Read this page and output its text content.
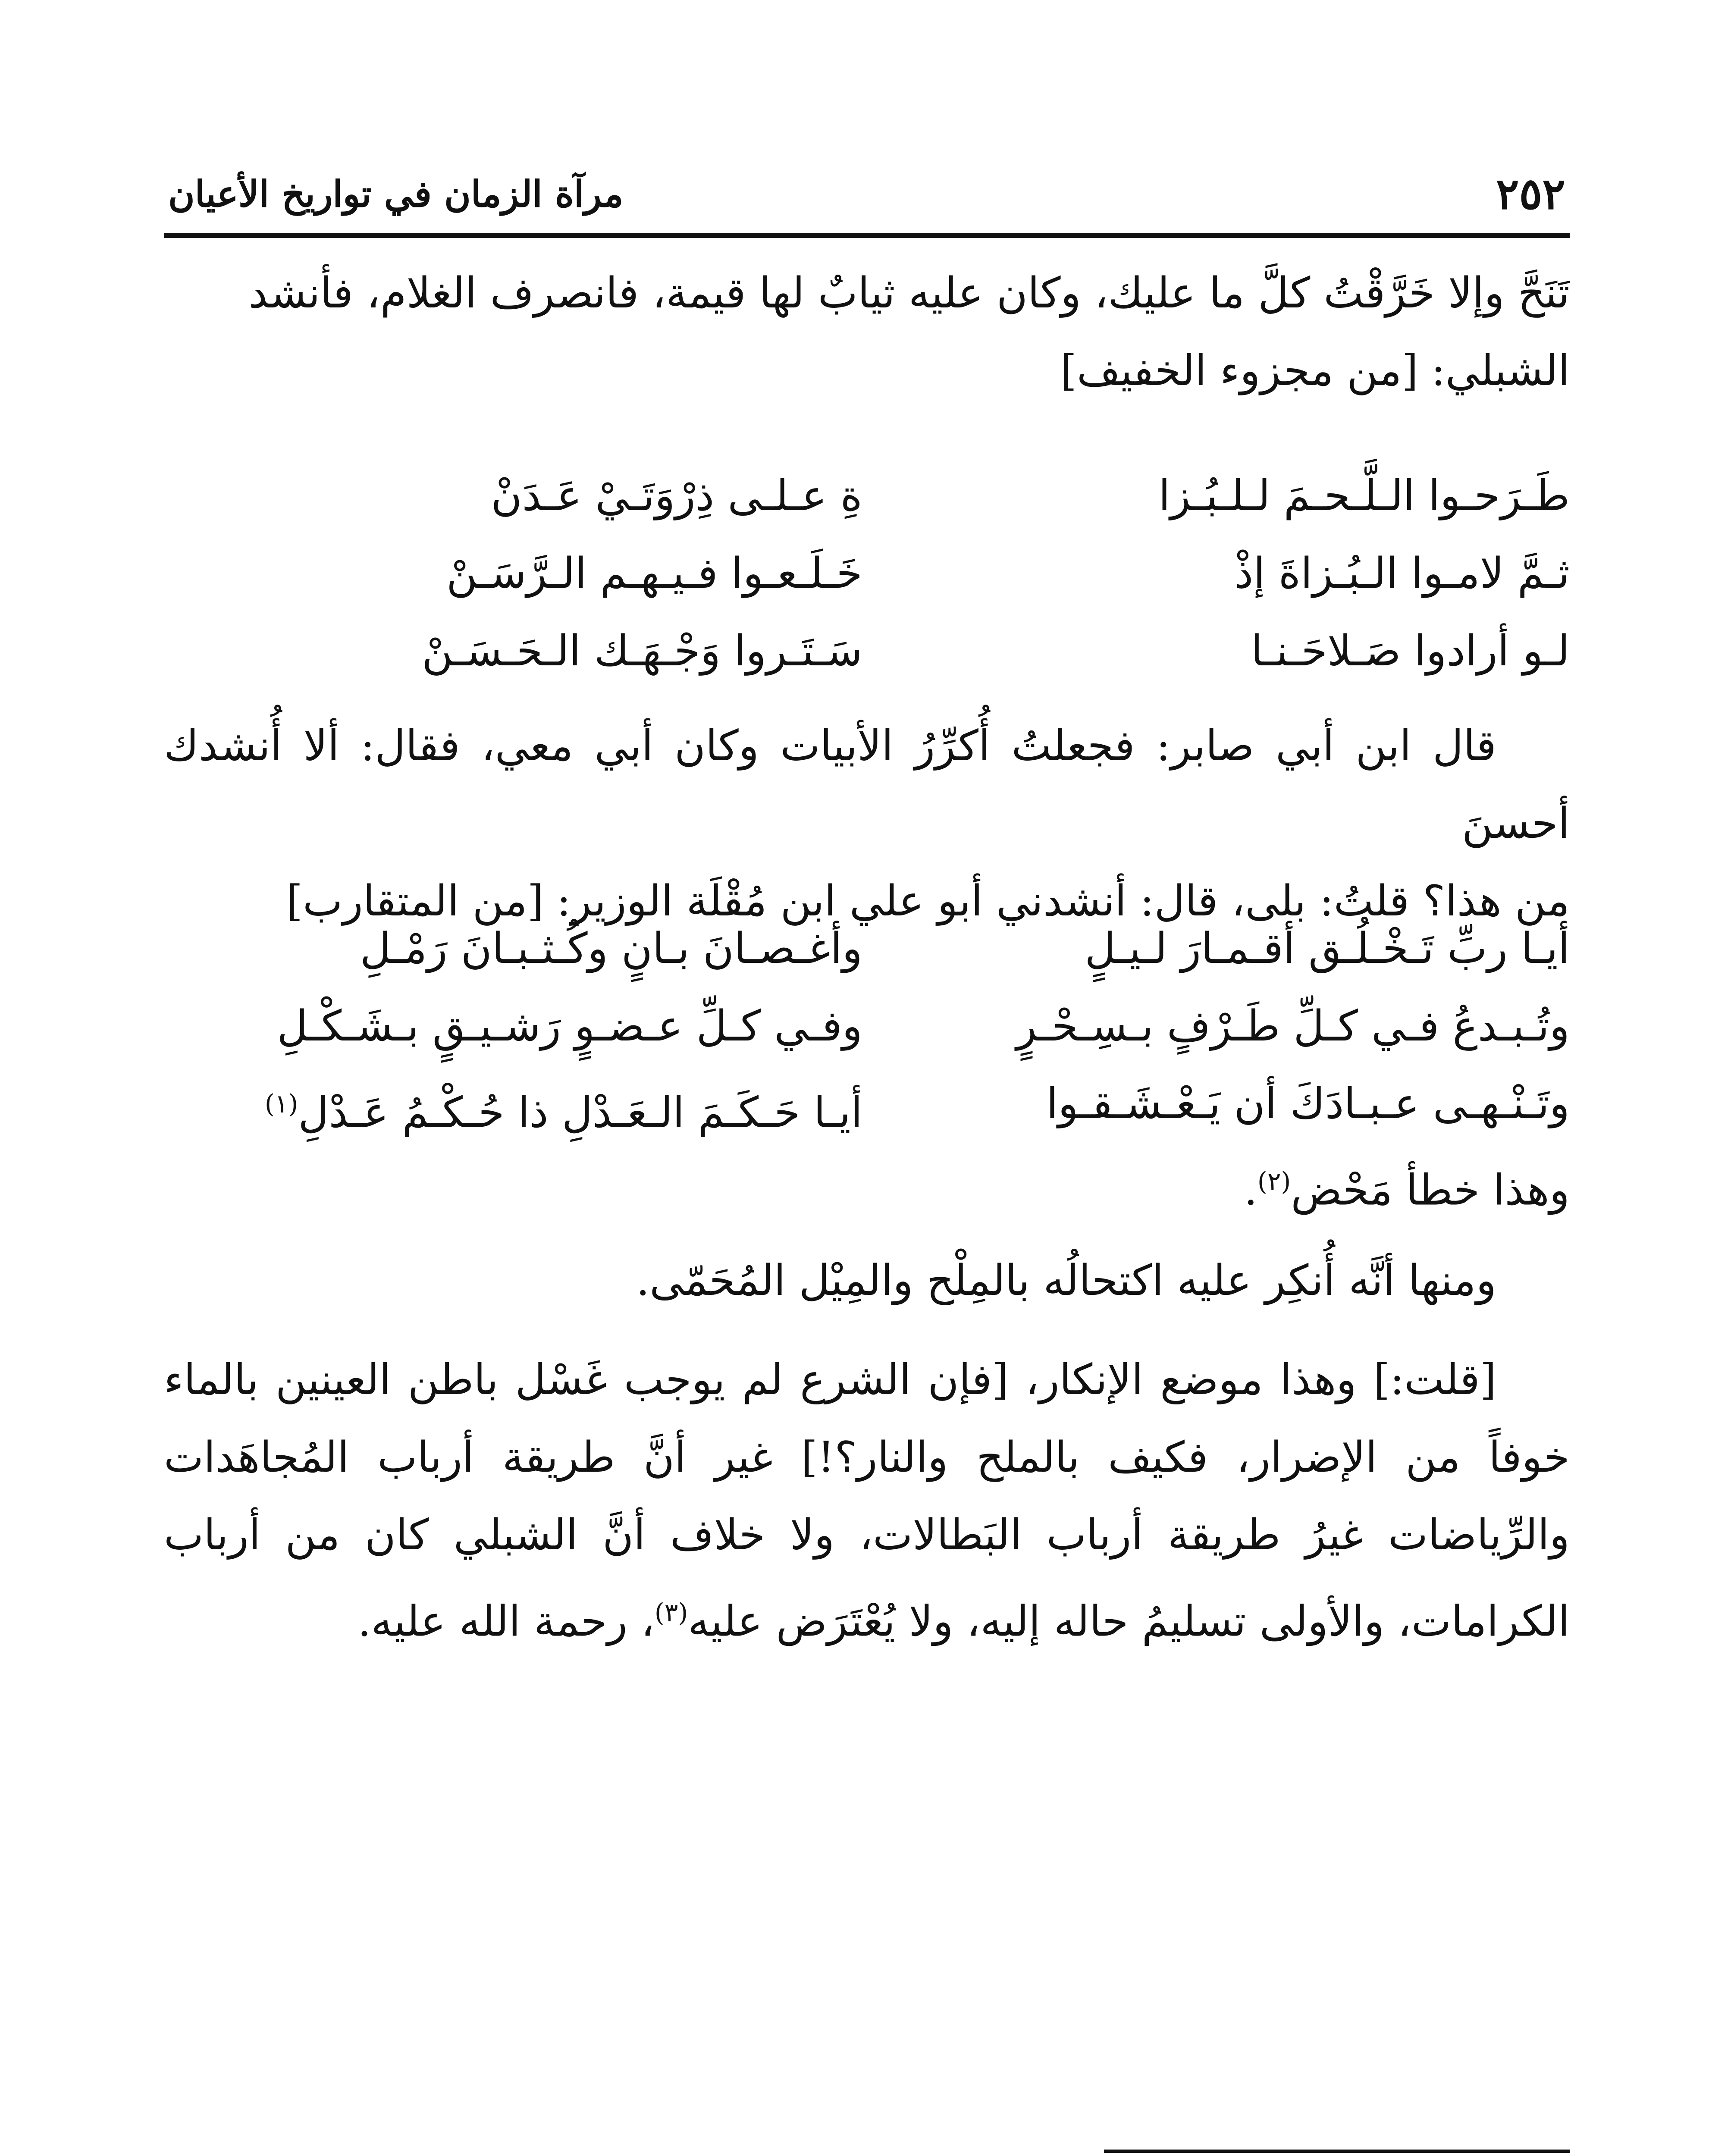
٢٥٢
مرآة الزمان في تواريخ الأعيان

تَنَحَّ وإلا خَرَّقْتُ كلَّ ما عليك، وكان عليه ثيابٌ لها قيمة، فانصرف الغلام، فأنشد

الشبلي:[من مجزوء الخفيف]

طَـرَحـوا الـلَّـحـمَ لـلـبُـزا
ةِ عـلـى ذِرْوَتَـيْ عَـدَنْ
ثـمَّ لامـوا الـبُـزاةَ إذْ
خَـلَـعـوا فـيـهـم الـرَّسَـنْ
لـو أرادوا صَـلاحَـنـا
سَـتَـروا وَجْـهَـك الـحَـسَـنْ

قال ابن أبي صابر: فجعلتُ أُكرِّرُ الأبيات وكان أبي معي، فقال: ألا أُنشدك أحسنَ

من هذا؟ قلتُ: بلى، قال: أنشدني أبو علي ابن مُقْلَة الوزير:[من المتقارب]

أيـا ربِّ تَـخْـلُـق أقـمـارَ لـيـلٍ
وأغـصـانَ بـانٍ وكُـثـبـانَ رَمْـلِ
وتُـبـدعُ فـي كـلِّ طَـرْفٍ بـسِـحْـرٍ
وفـي كـلِّ عـضـوٍ رَشـيـقٍ بـشَـكْـلِ
وتَـنْـهـى عـبـادَكَ أن يَـعْـشَـقـوا
أيـا حَـكَـمَ الـعَـدْلِ ذا حُـكْـمُ عَـدْلِ$^{(١)}$

وهذا خطأ مَحْض$^{(٢)}$.

ومنها أنَّه أُنكِر عليه اكتحالُه بالمِلْح والمِيْل المُحَمّى.

[قلت:] وهذا موضع الإنكار، [فإن الشرع لم يوجب غَسْل باطن العينين بالماء خوفاً من الإضرار، فكيف بالملح والنار؟!] غير أنَّ طريقة أرباب المُجاهَدات والرِّياضات غيرُ طريقة أرباب البَطالات، ولا خلاف أنَّ الشبلي كان من أرباب الكرامات، والأولى تسليمُ حاله إليه، ولا يُعْتَرَض عليه$^{(٣)}$، رحمة الله عليه.
